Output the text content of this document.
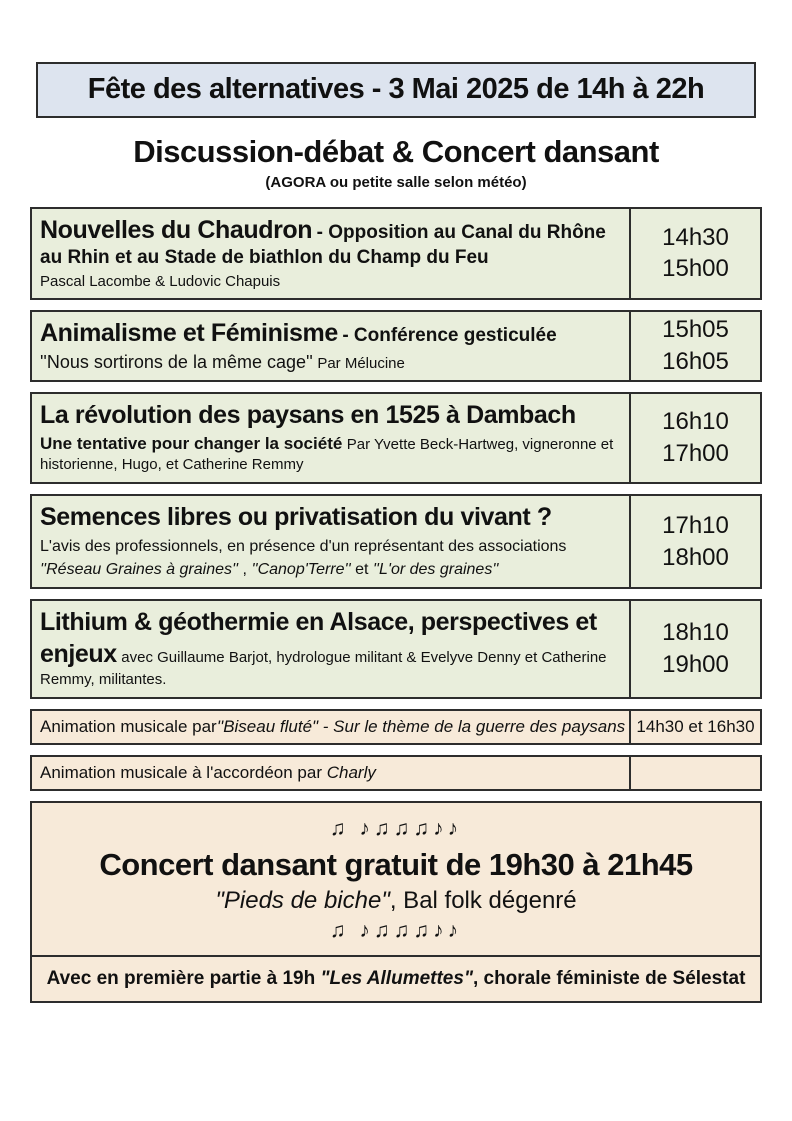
Fête des alternatives - 3 Mai 2025 de 14h à 22h

Discussion-débat & Concert dansant

(AGORA ou petite salle selon météo)

Nouvelles du Chaudron - Opposition au Canal du Rhône au Rhin et au Stade de biathlon du Champ du Feu

Pascal Lacombe & Ludovic Chapuis

14h30
15h00

Animalisme et Féminisme - Conférence gesticulée

''Nous sortirons de la même cage'' Par Mélucine

15h05
16h05

La révolution des paysans en 1525 à Dambach

Une tentative pour changer la société Par Yvette Beck-Hartweg, vigneronne et historienne, Hugo, et Catherine Remmy

16h10
17h00

Semences libres ou privatisation du vivant ?

L'avis des professionnels, en présence d'un représentant des associations ''Réseau Graines à graines'' , ''Canop'Terre'' et ''L'or des graines''

17h10
18h00

Lithium & géothermie en Alsace, perspectives et enjeux avec Guillaume Barjot, hydrologue militant & Evelyve Denny et Catherine Remmy, militantes.

18h10
19h00
Animation musicale par''Biseau fluté" - Sur le thème de la guerre des paysans 14h30 et 16h30
Animation musicale à l'accordéon par Charly

♫ ♪♫♫♫♪♪

Concert dansant gratuit de 19h30 à 21h45

"Pieds de biche", Bal folk dégenré

♫ ♪♫♫♫♪♪

Avec en première partie à 19h "Les Allumettes", chorale féministe de Sélestat
